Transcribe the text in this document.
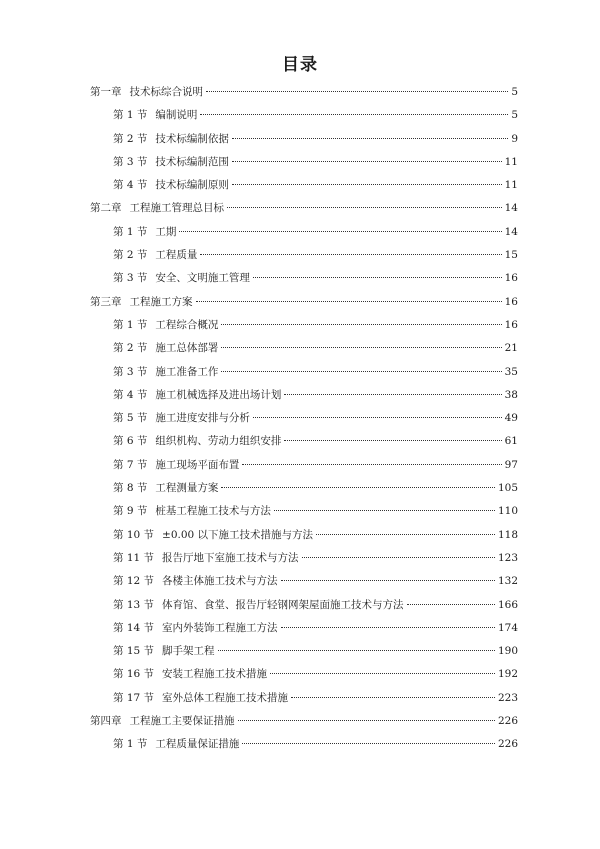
目录
第一章 技术标综合说明	5
第 1 节 编制说明	5
第 2 节 技术标编制依据	9
第 3 节 技术标编制范围	11
第 4 节 技术标编制原则	11
第二章 工程施工管理总目标	14
第 1 节 工期	14
第 2 节 工程质量	15
第 3 节 安全、文明施工管理	16
第三章 工程施工方案	16
第 1 节 工程综合概况	16
第 2 节 施工总体部署	21
第 3 节 施工准备工作	35
第 4 节 施工机械选择及进出场计划	38
第 5 节 施工进度安排与分析	49
第 6 节 组织机构、劳动力组织安排	61
第 7 节 施工现场平面布置	97
第 8 节 工程测量方案	105
第 9 节 桩基工程施工技术与方法	110
第 10 节 ±0.00 以下施工技术措施与方法	118
第 11 节 报告厅地下室施工技术与方法	123
第 12 节 各楼主体施工技术与方法	132
第 13 节 体育馆、食堂、报告厅轻钢网架屋面施工技术与方法	166
第 14 节 室内外装饰工程施工方法	174
第 15 节 脚手架工程	190
第 16 节 安装工程施工技术措施	192
第 17 节 室外总体工程施工技术措施	223
第四章 工程施工主要保证措施	226
第 1 节 工程质量保证措施	226
